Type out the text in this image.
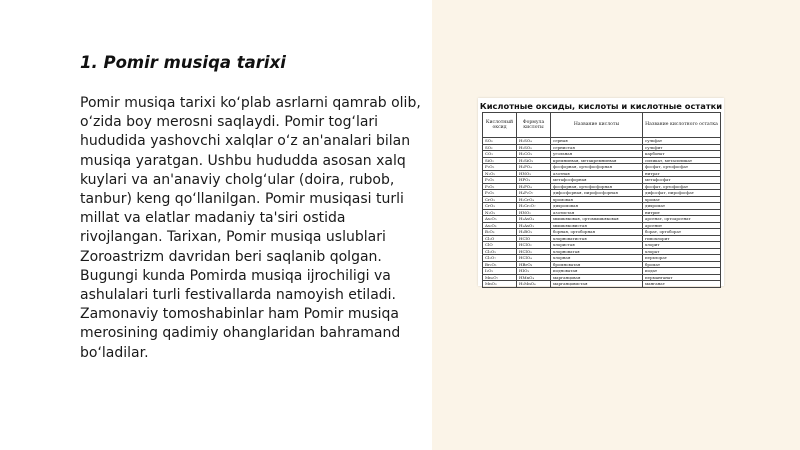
1. Pomir musiqa tarixi

Pomir musiqa tarixi ko‘plab asrlarni qamrab olib, o‘zida boy merosni saqlaydi. Pomir tog‘lari hududida yashovchi xalqlar o‘z an'analari bilan musiqa yaratgan. Ushbu hududda asosan xalq kuylari va an'anaviy cholg‘ular (doira, rubob, tanbur) keng qo‘llanilgan. Pomir musiqasi turli millat va elatlar madaniy ta'siri ostida rivojlangan. Tarixan, Pomir musiqa uslublari Zoroastrizm davridan beri saqlanib qolgan. Bugungi kunda Pomirda musiqa ijrochiligi va ashulalari turli festivallarda namoyish etiladi. Zamonaviy tomoshabinlar ham Pomir musiqa merosining qadimiy ohanglaridan bahramand bo‘ladilar.

Кислотные оксиды, кислоты и кислотные остатки
Кислотный оксид	Формула кислоты	Название кислоты	Название кислотного остатка
SO₃	H₂SO₄	серная	сульфат
SO₂	H₂SO₃	сернистая	сульфит
CO₂	H₂CO₃	угольная	карбонат
SiO₂	H₂SiO₃	кремниевая, метакремниевая	силикат, метасиликат
P₂O₅	H₃PO₄	фосфорная, ортофосфорная	фосфат, ортофосфат
N₂O₅	HNO₃	азотная	нитрат
P₂O₅	HPO₃	метафосфорная	метафосфат
P₂O₅	H₃PO₄	фосфорная, ортофосфорная	фосфат, ортофосфат
P₂O₅	H₄P₂O₇	дифосфорная, пирофосфорная	дифосфат, пирофосфат
CrO₃	H₂CrO₄	хромовая	хромат
CrO₃	H₂Cr₂O₇	дихромовая	дихромат
N₂O₃	HNO₂	азотистая	нитрит
As₂O₅	H₃AsO₄	мышьяковая, ортомышьяковая	арсенат, ортоарсенат
As₂O₃	H₃AsO₃	мышьяковистая	арсенит
B₂O₃	H₃BO₃	борная, ортоборная	борат, ортоборат
Cl₂O	HClO	хлорноватистая	гипохлорит
ClO	HClO₂	хлористая	хлорит
Cl₂O₅	HClO₃	хлорноватая	хлорат
Cl₂O₇	HClO₄	хлорная	перхлорат
Br₂O₅	HBrO₃	бромноватая	бромат
I₂O₅	HIO₃	иодноватая	иодат
Mn₂O₇	HMnO₄	марганцовая	перманганат
MnO₃	H₂MnO₄	марганцовистая	манганат
